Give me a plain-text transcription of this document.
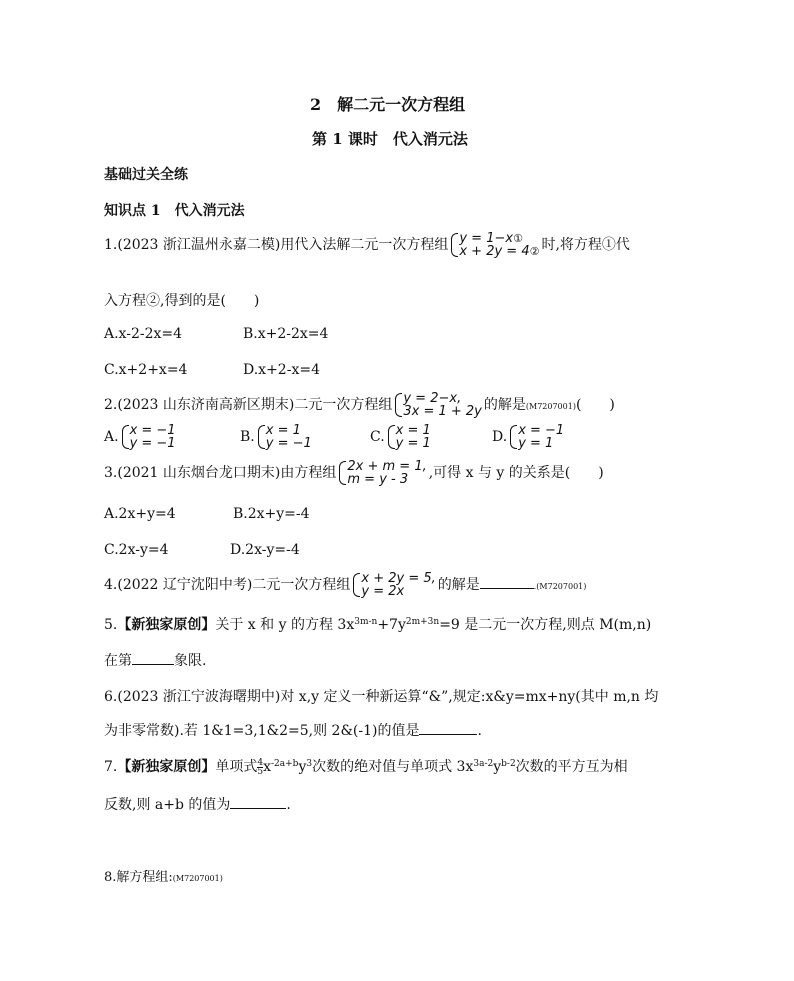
2　解二元一次方程组
第 1 课时　代入消元法
基础过关全练
知识点 1　代入消元法
1.(2023 浙江温州永嘉二模)用代入法解二元一次方程组 y = 1−x①
x + 2y = 4② 时,将方程①代
入方程②,得到的是(　　)
A.x-2-2x=4	B.x+2-2x=4
C.x+2+x=4	D.x+2-x=4
2.(2023 山东济南高新区期末)二元一次方程组 y = 2−x,
3x = 1 + 2y 的解是(M7207001)(　　)
A. x = −1
y = −1	B. x = 1
y = −1	C. x = 1
y = 1	D. x = −1
y = 1
3.(2021 山东烟台龙口期末)由方程组 2x + m = 1,
m = y - 3	,可得 x 与 y 的关系是(　　)
A.2x+y=4	B.2x+y=-4
C.2x-y=4	D.2x-y=-4
4.(2022 辽宁沈阳中考)二元一次方程组 x + 2y = 5,
y = 2x	的解是	.(M7207001)
5.【新独家原创】关于 x 和 y 的方程 $3x^{3m-n}+7y^{2m+3n}=9$ 是二元一次方程,则点 M(m,n)
在第	象限.
6.(2023 浙江宁波海曙期中)对 x,y 定义一种新运算“&”,规定:x&y=mx+ny(其中 m,n 均
为非零常数).若 1&1=3,1&2=5,则 2&(-1)的值是	.
7.【新独家原创】单项式 $\frac{4}{5} x^{-2a+b}y^3$次数的绝对值与单项式 $3x^{3a-2}y^{b-2}$次数的平方互为相
反数,则 a+b 的值为	.
8.解方程组:(M7207001)
